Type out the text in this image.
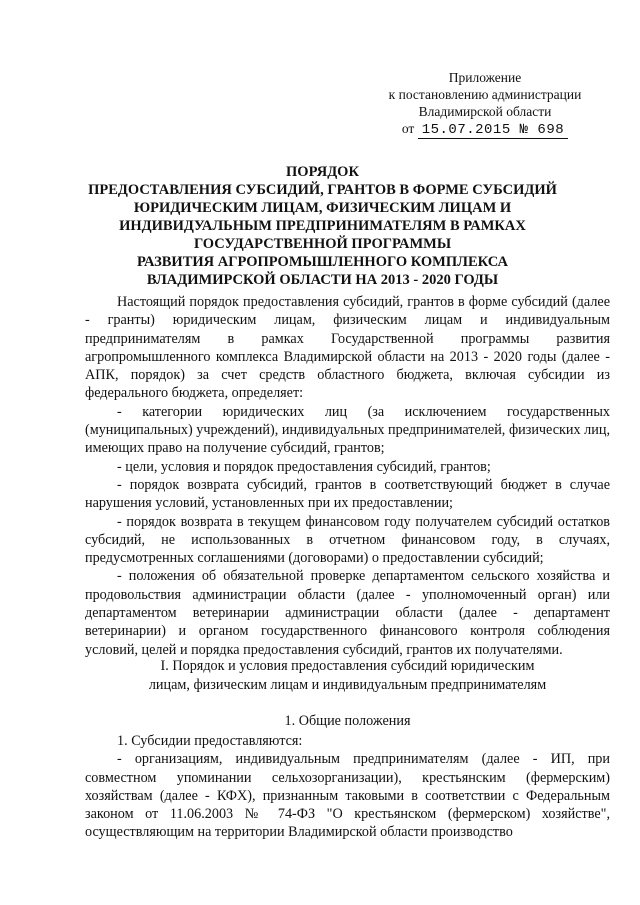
Приложение
к постановлению администрации
Владимирской области
от 15.07.2015 № 698
ПОРЯДОК
ПРЕДОСТАВЛЕНИЯ СУБСИДИЙ, ГРАНТОВ В ФОРМЕ СУБСИДИЙ
ЮРИДИЧЕСКИМ ЛИЦАМ, ФИЗИЧЕСКИМ ЛИЦАМ И
ИНДИВИДУАЛЬНЫМ ПРЕДПРИНИМАТЕЛЯМ В РАМКАХ
ГОСУДАРСТВЕННОЙ ПРОГРАММЫ
РАЗВИТИЯ АГРОПРОМЫШЛЕННОГО КОМПЛЕКСА
ВЛАДИМИРСКОЙ ОБЛАСТИ НА 2013 - 2020 ГОДЫ

Настоящий порядок предоставления субсидий, грантов в форме субсидий (далее - гранты) юридическим лицам, физическим лицам и индивидуальным предпринимателям в рамках Государственной программы развития агропромышленного комплекса Владимирской области на 2013 - 2020 годы (далее - АПК, порядок) за счет средств областного бюджета, включая субсидии из федерального бюджета, определяет:

- категории юридических лиц (за исключением государственных (муниципальных) учреждений), индивидуальных предпринимателей, физических лиц, имеющих право на получение субсидий, грантов;

- цели, условия и порядок предоставления субсидий, грантов;

- порядок возврата субсидий, грантов в соответствующий бюджет в случае нарушения условий, установленных при их предоставлении;

- порядок возврата в текущем финансовом году получателем субсидий остатков субсидий, не использованных в отчетном финансовом году, в случаях, предусмотренных соглашениями (договорами) о предоставлении субсидий;

- положения об обязательной проверке департаментом сельского хозяйства и продовольствия администрации области (далее - уполномоченный орган) или департаментом ветеринарии администрации области (далее - департамент ветеринарии) и органом государственного финансового контроля соблюдения условий, целей и порядка предоставления субсидий, грантов их получателями.

I. Порядок и условия предоставления субсидий юридическим
лицам, физическим лицам и индивидуальным предпринимателям
1. Общие положения

1. Субсидии предоставляются:

- организациям, индивидуальным предпринимателям (далее - ИП, при совместном упоминании сельхозорганизации), крестьянским (фермерским) хозяйствам (далее - КФХ), признанным таковыми в соответствии с Федеральным законом от 11.06.2003 № 74-ФЗ "О крестьянском (фермерском) хозяйстве", осуществляющим на территории Владимирской области производство
